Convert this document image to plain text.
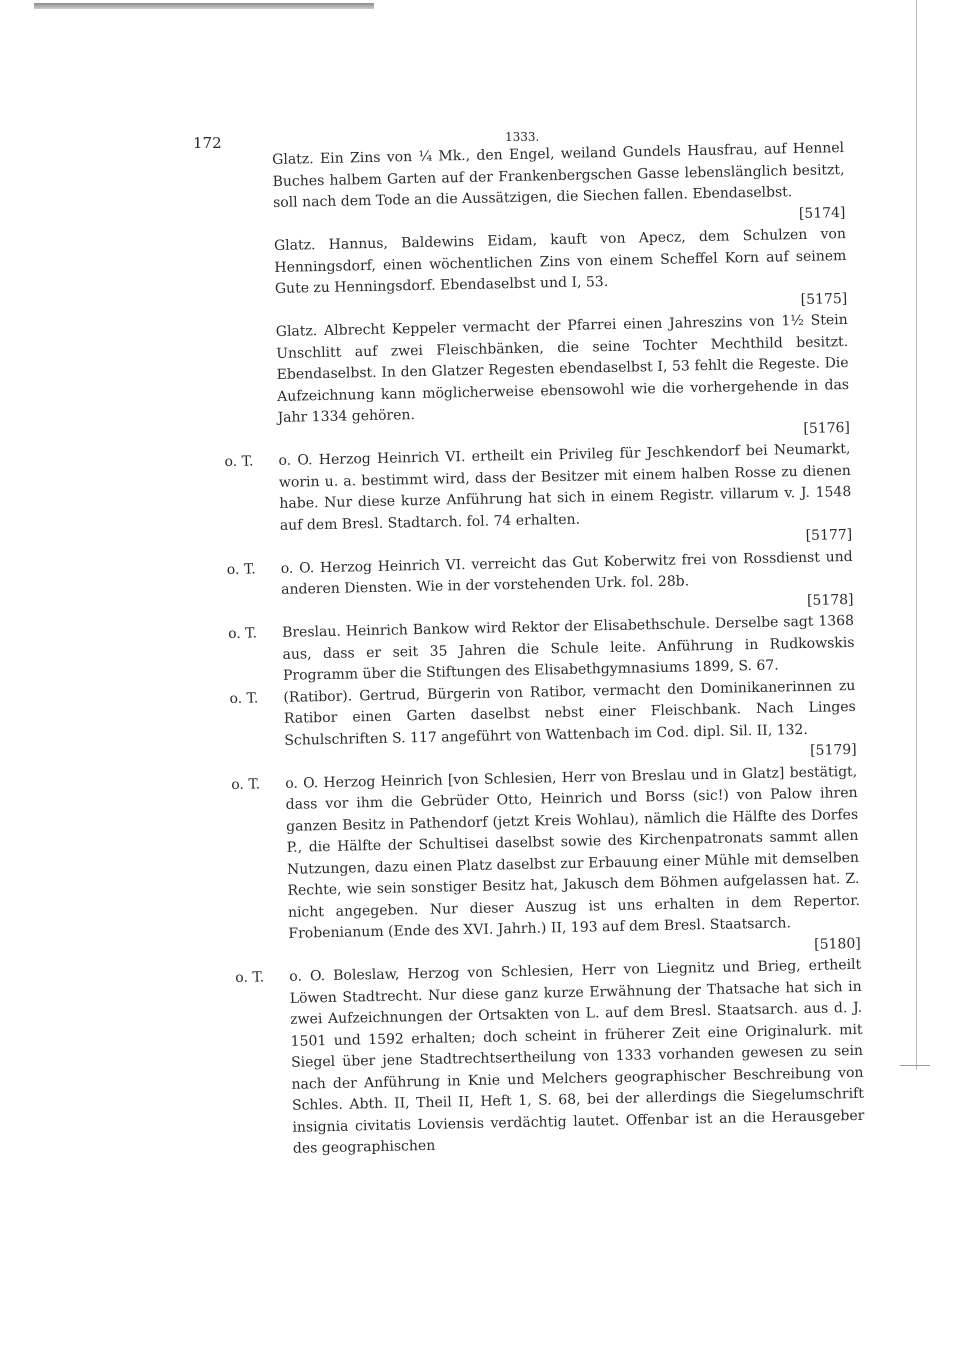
172	1333.

Glatz. Ein Zins von ¼ Mk., den Engel, weiland Gundels Hausfrau, auf Hennel Buches halbem Garten auf der Frankenbergschen Gasse lebenslänglich besitzt, soll nach dem Tode an die Aussätzigen, die Siechen fallen. Ebendaselbst.

[5174]

Glatz. Hannus, Baldewins Eidam, kauft von Apecz, dem Schulzen von Henningsdorf, einen wöchentlichen Zins von einem Scheffel Korn auf seinem Gute zu Henningsdorf. Ebendaselbst und I, 53.

[5175]

Glatz. Albrecht Keppeler vermacht der Pfarrei einen Jahreszins von 1½ Stein Unschlitt auf zwei Fleischbänken, die seine Tochter Mechthild besitzt. Ebendaselbst. In den Glatzer Regesten ebendaselbst I, 53 fehlt die Regeste. Die Aufzeichnung kann möglicherweise ebensowohl wie die vorhergehende in das Jahr 1334 gehören.

[5176]
o. T. o. O. Herzog Heinrich VI. ertheilt ein Privileg für Jeschkendorf bei Neumarkt, worin u. a. bestimmt wird, dass der Besitzer mit einem halben Rosse zu dienen habe. Nur diese kurze Anführung hat sich in einem Registr. villarum v. J. 1548 auf dem Bresl. Stadtarch. fol. 74 erhalten.

[5177]
o. T. o. O. Herzog Heinrich VI. verreicht das Gut Koberwitz frei von Rossdienst und anderen Diensten. Wie in der vorstehenden Urk. fol. 28b.

[5178]
o. T. Breslau. Heinrich Bankow wird Rektor der Elisabethschule. Derselbe sagt 1368 aus, dass er seit 35 Jahren die Schule leite. Anführung in Rudkowskis Programm über die Stiftungen des Elisabethgymnasiums 1899, S. 67.

o. T. (Ratibor). Gertrud, Bürgerin von Ratibor, vermacht den Dominikanerinnen zu Ratibor einen Garten daselbst nebst einer Fleischbank. Nach Linges Schulschriften S. 117 angeführt von Wattenbach im Cod. dipl. Sil. II, 132.

[5179]
o. T. o. O. Herzog Heinrich [von Schlesien, Herr von Breslau und in Glatz] bestätigt, dass vor ihm die Gebrüder Otto, Heinrich und Borss (sic!) von Palow ihren ganzen Besitz in Pathendorf (jetzt Kreis Wohlau), nämlich die Hälfte des Dorfes P., die Hälfte der Schultisei daselbst sowie des Kirchenpatronats sammt allen Nutzungen, dazu einen Platz daselbst zur Erbauung einer Mühle mit demselben Rechte, wie sein sonstiger Besitz hat, Jakusch dem Böhmen aufgelassen hat. Z. nicht angegeben. Nur dieser Auszug ist uns erhalten in dem Repertor. Frobenianum (Ende des XVI. Jahrh.) II, 193 auf dem Bresl. Staatsarch.

[5180]
o. T. o. O. Boleslaw, Herzog von Schlesien, Herr von Liegnitz und Brieg, ertheilt Löwen Stadtrecht. Nur diese ganz kurze Erwähnung der Thatsache hat sich in zwei Aufzeichnungen der Ortsakten von L. auf dem Bresl. Staatsarch. aus d. J. 1501 und 1592 erhalten; doch scheint in früherer Zeit eine Originalurk. mit Siegel über jene Stadtrechtsertheilung von 1333 vorhanden gewesen zu sein nach der Anführung in Knie und Melchers geographischer Beschreibung von Schles. Abth. II, Theil II, Heft 1, S. 68, bei der allerdings die Siegelumschrift insignia civitatis Loviensis verdächtig lautet. Offenbar ist an die Herausgeber des geographischen
